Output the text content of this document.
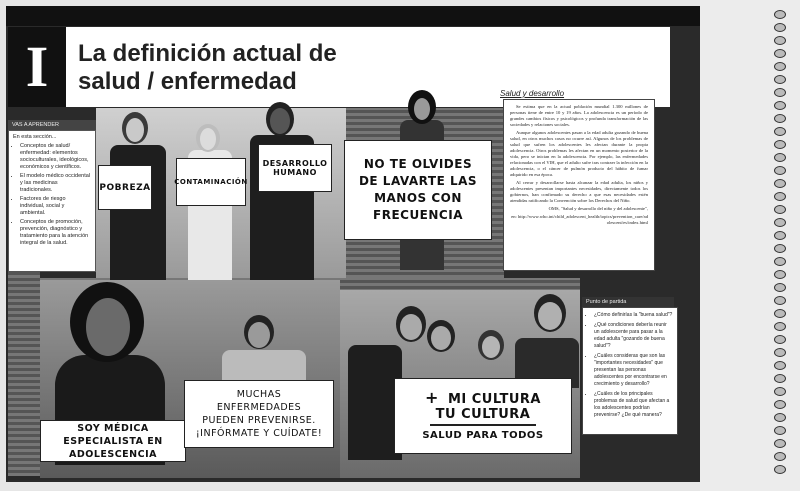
I	La definición actual de
salud / enfermedad
VAS A APRENDER

En esta sección...

• Conceptos de salud/ enfermedad: elementos socioculturales, ideológicos, económicos y científicos.
• El modelo médico occidental y las medicinas tradicionales.
• Factores de riesgo individual, social y ambiental.
• Conceptos de promoción, prevención, diagnóstico y tratamiento para la atención integral de la salud.
POBREZA
CONTAMINACIÓN
DESARROLLO HUMANO
NO TE OLVIDES DE LAVARTE LAS MANOS CON FRECUENCIA
SOY MÉDICA ESPECIALISTA EN ADOLESCENCIA
MUCHAS ENFERMEDADES PUEDEN PREVENIRSE. ¡INFÓRMATE Y CUÍDATE!
+ MI CULTURA
TU CULTURA
SALUD PARA TODOS
Salud y desarrollo

Se estima que en la actual población mundial 1.300 millones de personas tiene de entre 10 y 19 años. La adolescencia es un período de grandes cambios físicos y psicológicos y profunda transformación de las sociedades y relaciones sociales.

Aunque algunos adolescentes pasan a la edad adulta gozando de buena salud, en otros muchos casos no ocurre así. Algunos de los problemas de salud que sufren los adolescentes les afectan durante la propia adolescencia. Otros problemas les afectan en un momento posterior de la vida, pero se inician en la adolescencia. Por ejemplo, las enfermedades relacionadas con el VIH, que el adulto sufre tras contraer la infección en la adolescencia, o el cáncer de pulmón producto del hábito de fumar adquirido en esa época.

Al cerrar y desarrollarse hasta alcanzar la edad adulta, los niños y adolescentes presentan importantes necesidades, directamente todos los gobiernos, han confirmado su derecho a que esas necesidades estén atendidas ratificando la Convención sobre los Derechos del Niño.

OMS, "Salud y desarrollo del niño y del adolescente",

en: http://www.who.int/child_adolescent_health/topics/prevention_care/adolescent/es/index.html

Punto de partida
• ¿Cómo definirías la "buena salud"?
• ¿Qué condiciones debería reunir un adolescente para pasar a la edad adulta "gozando de buena salud"?
• ¿Cuáles consideras que son las "importantes necesidades" que presentan las personas adolescentes por encontrarse en crecimiento y desarrollo?
• ¿Cuáles de los principales problemas de salud que afectan a los adolescentes podrían prevenirse? ¿De qué manera?
